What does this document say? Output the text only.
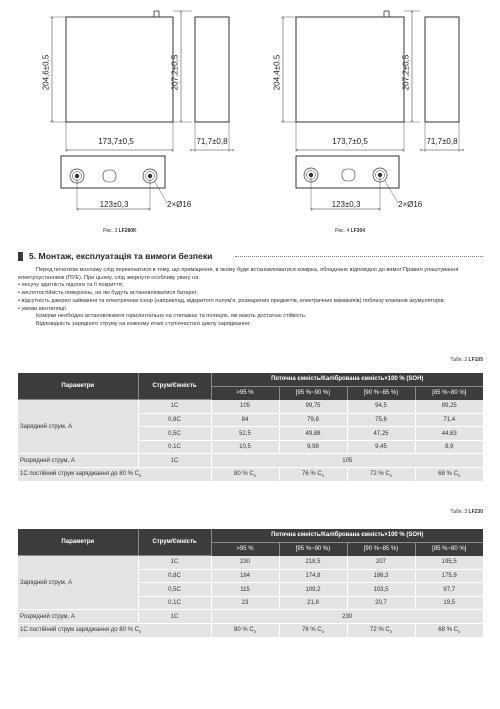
204,6±0,5	207,2±0,5
173,7±0,5	71,7±0,8
123±0,3	2×Ø16
Рис. 3 LF280K
204,4±0,5	207,2±0,5
173,7±0,5	71,7±0,8
123±0,3	2×Ø16
Рис. 4 LF304
5. Монтаж, експлуатація та вимоги безпеки

Перед початком монтажу слід переконатися в тому, що приміщення, в якому буде встановлюватися комірка, обладнане відповідно до вимог Правил улаштування електроустановок (ПУЕ). При цьому, слід звернути особливу увагу на:

• несучу здатність підлоги та її покриття;

• кислотостійкість поверхонь, на які будуть встановлюватися батареї;

• відсутність джерел займання та електричних іскор (наприклад, відкритого полум'я, розжарених предметів, електричних вимикачів) поблизу клапанів акумуляторів;

• умови вентиляції.

Комірки необхідно встановлювати горизонтально на стелажах та полицях, які мають достатню стійкість.

Відповідність зарядного струму на кожному етапі ступінчастого циклу заряджання:

Табл. 2 LF105
Параметри	Струм/Ємність	Поточна ємність/Калібрована ємність×100 % (SOH)			
		>95 %	[95 %~90 %)	[90 %~85 %)	[85 %~80 %]
Зарядний струм, А	1C	105	99,75	94,5	89,25
	0,8C	84	79,8	75,6	71,4
	0,5C	52,5	49,88	47,25	44,63
	0,1C	10,5	9,98	9,45	8,9
Розрядний струм, А	1C	105			
1С постійний струм заряджання до 80 % $C_0$		80 % $C_0$	76 % $C_0$	72 % $C_0$	68 % $C_0$
Табл. 3 LF230
Параметри	Струм/Ємність	Поточна ємність/Калібрована ємність×100 % (SOH)			
		>95 %	[95 %~90 %)	[90 %~85 %)	[85 %~80 %]
Зарядний струм, А	1C	230	218,5	207	195,5
	0,8C	184	174,8	186,3	175,9
	0,5C	115	109,2	103,5	97,7
	0,1C	23	21,8	20,7	19,5
Розрядний струм, А	1C	230			
1С постійний струм заряджання до 80 % $C_0$		80 % $C_0$	76 % $C_0$	72 % $C_0$	68 % $C_0$
